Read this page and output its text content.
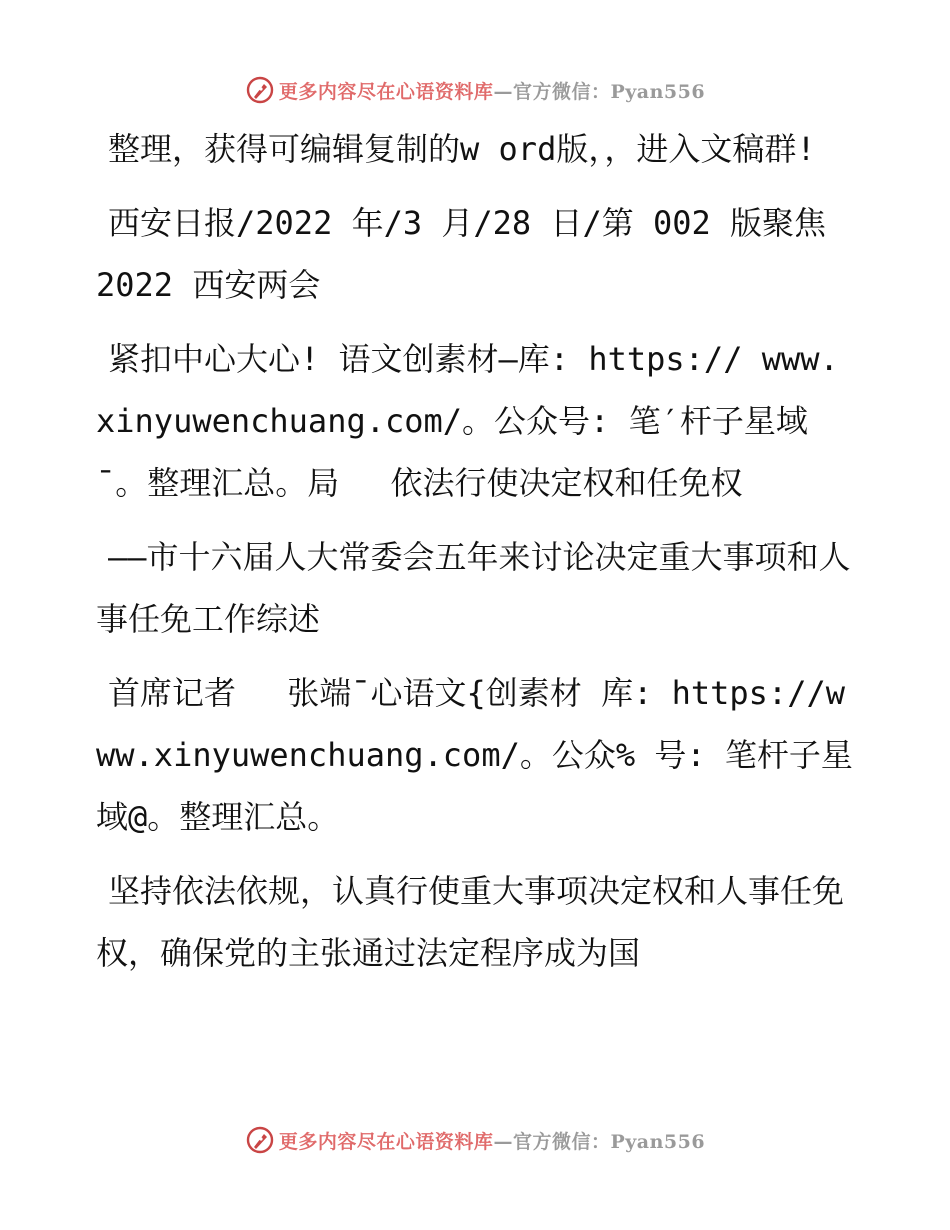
更多内容尽在心语资料库—官方微信：Pyan556

整理，获得可编辑复制的w ord版，，进入文稿群!

西安日报/2022 年/3 月/28 日/第 002 版聚焦 2022 西安两会

紧扣中心大心! 语文创素材—库: https:// www.xinyuwenchuang.com/。公众号: 笔′杆子星域¯。整理汇总。局　 依法行使决定权和任免权

——市十六届人大常委会五年来讨论决定重大事项和人事任免工作综述

首席记者　 张端¯心语文{创素材 库: https://www.xinyuwenchuang.com/。公众% 号: 笔杆子星域@。整理汇总。

坚持依法依规，认真行使重大事项决定权和人事任免权，确保党的主张通过法定程序成为国

更多内容尽在心语资料库—官方微信：Pyan556
